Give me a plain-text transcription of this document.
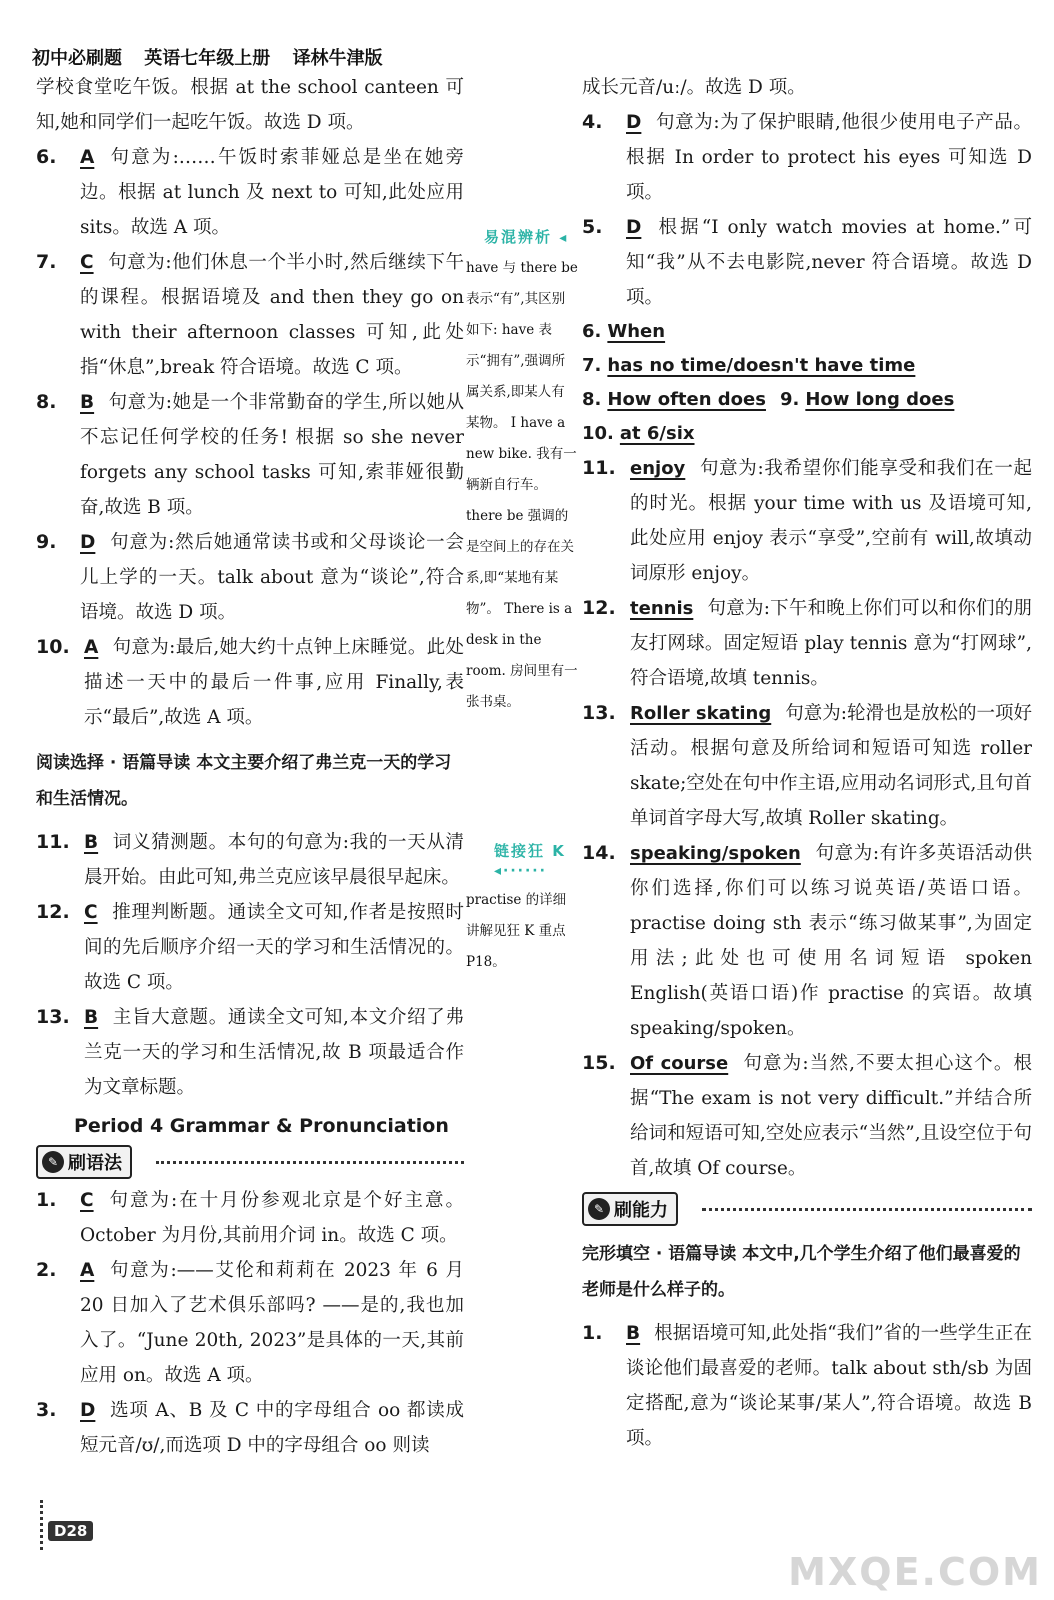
初中必刷题 英语七年级上册 译林牛津版

学校食堂吃午饭。根据 at the school canteen 可知,她和同学们一起吃午饭。故选 D 项。

6. A 句意为:……午饭时索菲娅总是坐在她旁边。根据 at lunch 及 next to 可知,此处应用 sits。故选 A 项。
7. C 句意为:他们休息一个半小时,然后继续下午的课程。根据语境及 and then they go on with their afternoon classes 可知,此处指“休息”,break 符合语境。故选 C 项。
8. B 句意为:她是一个非常勤奋的学生,所以她从不忘记任何学校的任务! 根据 so she never forgets any school tasks 可知,索菲娅很勤奋,故选 B 项。
9. D 句意为:然后她通常读书或和父母谈论一会儿上学的一天。talk about 意为“谈论”,符合语境。故选 D 项。
10. A 句意为:最后,她大约十点钟上床睡觉。此处描述一天中的最后一件事,应用 Finally,表示“最后”,故选 A 项。
阅读选择 · 语篇导读 本文主要介绍了弗兰克一天的学习和生活情况。
11. B 词义猜测题。本句的句意为:我的一天从清晨开始。由此可知,弗兰克应该早晨很早起床。
12. C 推理判断题。通读全文可知,作者是按照时间的先后顺序介绍一天的学习和生活情况的。故选 C 项。
13. B 主旨大意题。通读全文可知,本文介绍了弗兰克一天的学习和生活情况,故 B 项最适合作为文章标题。
Period 4 Grammar & Pronunciation
✎ 刷语法
1. C 句意为:在十月份参观北京是个好主意。October 为月份,其前用介词 in。故选 C 项。
2. A 句意为:——艾伦和莉莉在 2023 年 6 月 20 日加入了艺术俱乐部吗? ——是的,我也加入了。“June 20th, 2023”是具体的一天,其前应用 on。故选 A 项。
3. D 选项 A、B 及 C 中的字母组合 oo 都读成短元音/ʊ/,而选项 D 中的字母组合 oo 则读
易混辨析 ◂

have 与 there be 表示“有”,其区别如下: have 表示“拥有”,强调所属关系,即某人有某物。 I have a new bike. 我有一辆新自行车。 there be 强调的是空间上的存在关系,即“某地有某物”。 There is a desk in the room. 房间里有一张书桌。

链接狂 K ◂······

practise 的详细讲解见狂 K 重点 P18。

成长元音/uː/。故选 D 项。

4. D 句意为:为了保护眼睛,他很少使用电子产品。根据 In order to protect his eyes 可知选 D 项。
5. D 根据“I only watch movies at home.”可知“我”从不去电影院,never 符合语境。故选 D 项。
6. When
7. has no time/doesn't have time
8. How often does 9. How long does
10. at 6/six
11. enjoy 句意为:我希望你们能享受和我们在一起的时光。根据 your time with us 及语境可知,此处应用 enjoy 表示“享受”,空前有 will,故填动词原形 enjoy。
12. tennis 句意为:下午和晚上你们可以和你们的朋友打网球。固定短语 play tennis 意为“打网球”,符合语境,故填 tennis。
13. Roller skating 句意为:轮滑也是放松的一项好活动。根据句意及所给词和短语可知选 roller skate;空处在句中作主语,应用动名词形式,且句首单词首字母大写,故填 Roller skating。
14. speaking/spoken 句意为:有许多英语活动供你们选择,你们可以练习说英语/英语口语。practise doing sth 表示“练习做某事”,为固定用法;此处也可使用名词短语 spoken English(英语口语)作 practise 的宾语。故填 speaking/spoken。
15. Of course 句意为:当然,不要太担心这个。根据“The exam is not very difficult.”并结合所给词和短语可知,空处应表示“当然”,且设空位于句首,故填 Of course。
✎ 刷能力
完形填空 · 语篇导读 本文中,几个学生介绍了他们最喜爱的老师是什么样子的。
1. B 根据语境可知,此处指“我们”省的一些学生正在谈论他们最喜爱的老师。talk about sth/sb 为固定搭配,意为“谈论某事/某人”,符合语境。故选 B 项。
D28
MXQE.COM
